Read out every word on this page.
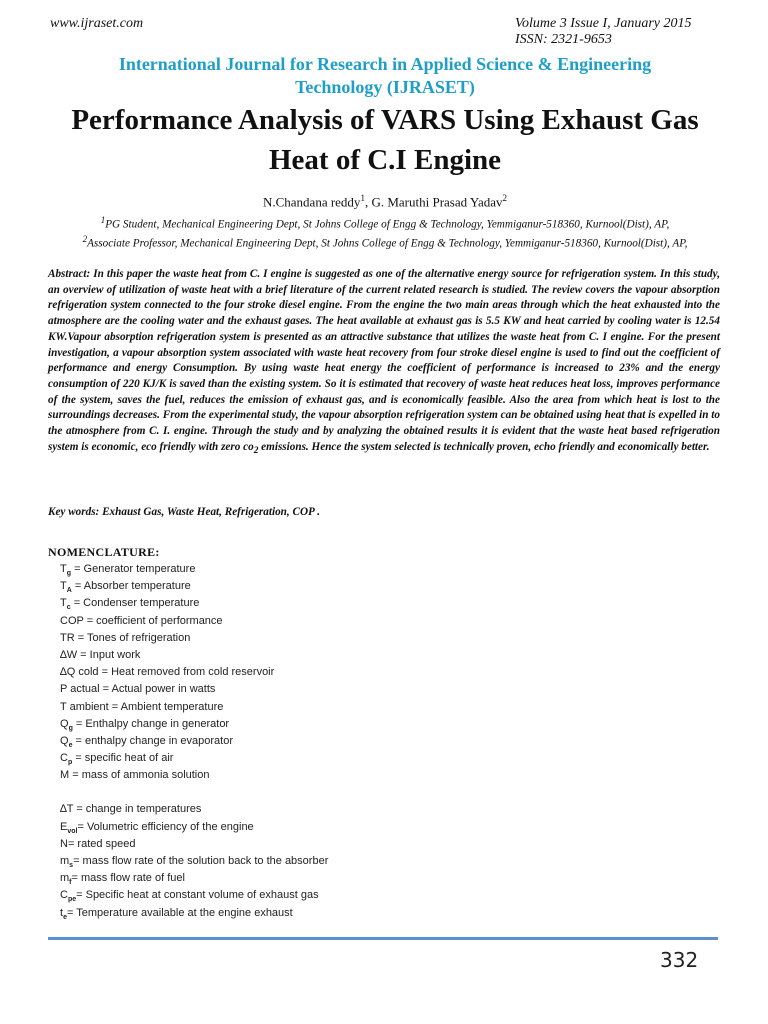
www.ijraset.com	Volume 3 Issue I, January 2015
ISSN: 2321-9653
International Journal for Research in Applied Science & Engineering
Technology (IJRASET)
Performance Analysis of VARS Using Exhaust Gas
Heat of C.I Engine
N.Chandana reddy$^1$, G. Maruthi Prasad Yadav$^2$
$^1$PG Student, Mechanical Engineering Dept, St Johns College of Engg & Technology, Yemmiganur-518360, Kurnool(Dist), AP,
$^2$Associate Professor, Mechanical Engineering Dept, St Johns College of Engg & Technology, Yemmiganur-518360, Kurnool(Dist), AP,
Abstract: In this paper the waste heat from C. I engine is suggested as one of the alternative energy source for refrigeration system. In this study, an overview of utilization of waste heat with a brief literature of the current related research is studied. The review covers the vapour absorption refrigeration system connected to the four stroke diesel engine. From the engine the two main areas through which the heat exhausted into the atmosphere are the cooling water and the exhaust gases. The heat available at exhaust gas is 5.5 KW and heat carried by cooling water is 12.54 KW.Vapour absorption refrigeration system is presented as an attractive substance that utilizes the waste heat from C. I engine. For the present investigation, a vapour absorption system associated with waste heat recovery from four stroke diesel engine is used to find out the coefficient of performance and energy Consumption. By using waste heat energy the coefficient of performance is increased to 23% and the energy consumption of 220 KJ/K is saved than the existing system. So it is estimated that recovery of waste heat reduces heat loss, improves performance of the system, saves the fuel, reduces the emission of exhaust gas, and is economically feasible. Also the area from which heat is lost to the surroundings decreases. From the experimental study, the vapour absorption refrigeration system can be obtained using heat that is expelled in to the atmosphere from C. I. engine. Through the study and by analyzing the obtained results it is evident that the waste heat based refrigeration system is economic, eco friendly with zero $co_2$ emissions. Hence the system selected is technically proven, echo friendly and economically better.
Key words: Exhaust Gas, Waste Heat, Refrigeration, COP .
NOMENCLATURE:
$T_g$ = Generator temperature
$T_A$ = Absorber temperature
$T_c$ = Condenser temperature
COP = coefficient of performance
TR = Tones of refrigeration
∆W = Input work
∆Q cold = Heat removed from cold reservoir
P actual = Actual power in watts
T ambient = Ambient temperature
$Q_g$ = Enthalpy change in generator
$Q_e$ = enthalpy change in evaporator
$C_p$ = specific heat of air
M = mass of ammonia solution
∆T = change in temperatures
$E_{vol}=$ Volumetric efficiency of the engine
N= rated speed
$m_s=$ mass flow rate of the solution back to the absorber
$m_f=$ mass flow rate of fuel
$C_{pe}=$ Specific heat at constant volume of exhaust gas
$t_e=$ Temperature available at the engine exhaust
332
